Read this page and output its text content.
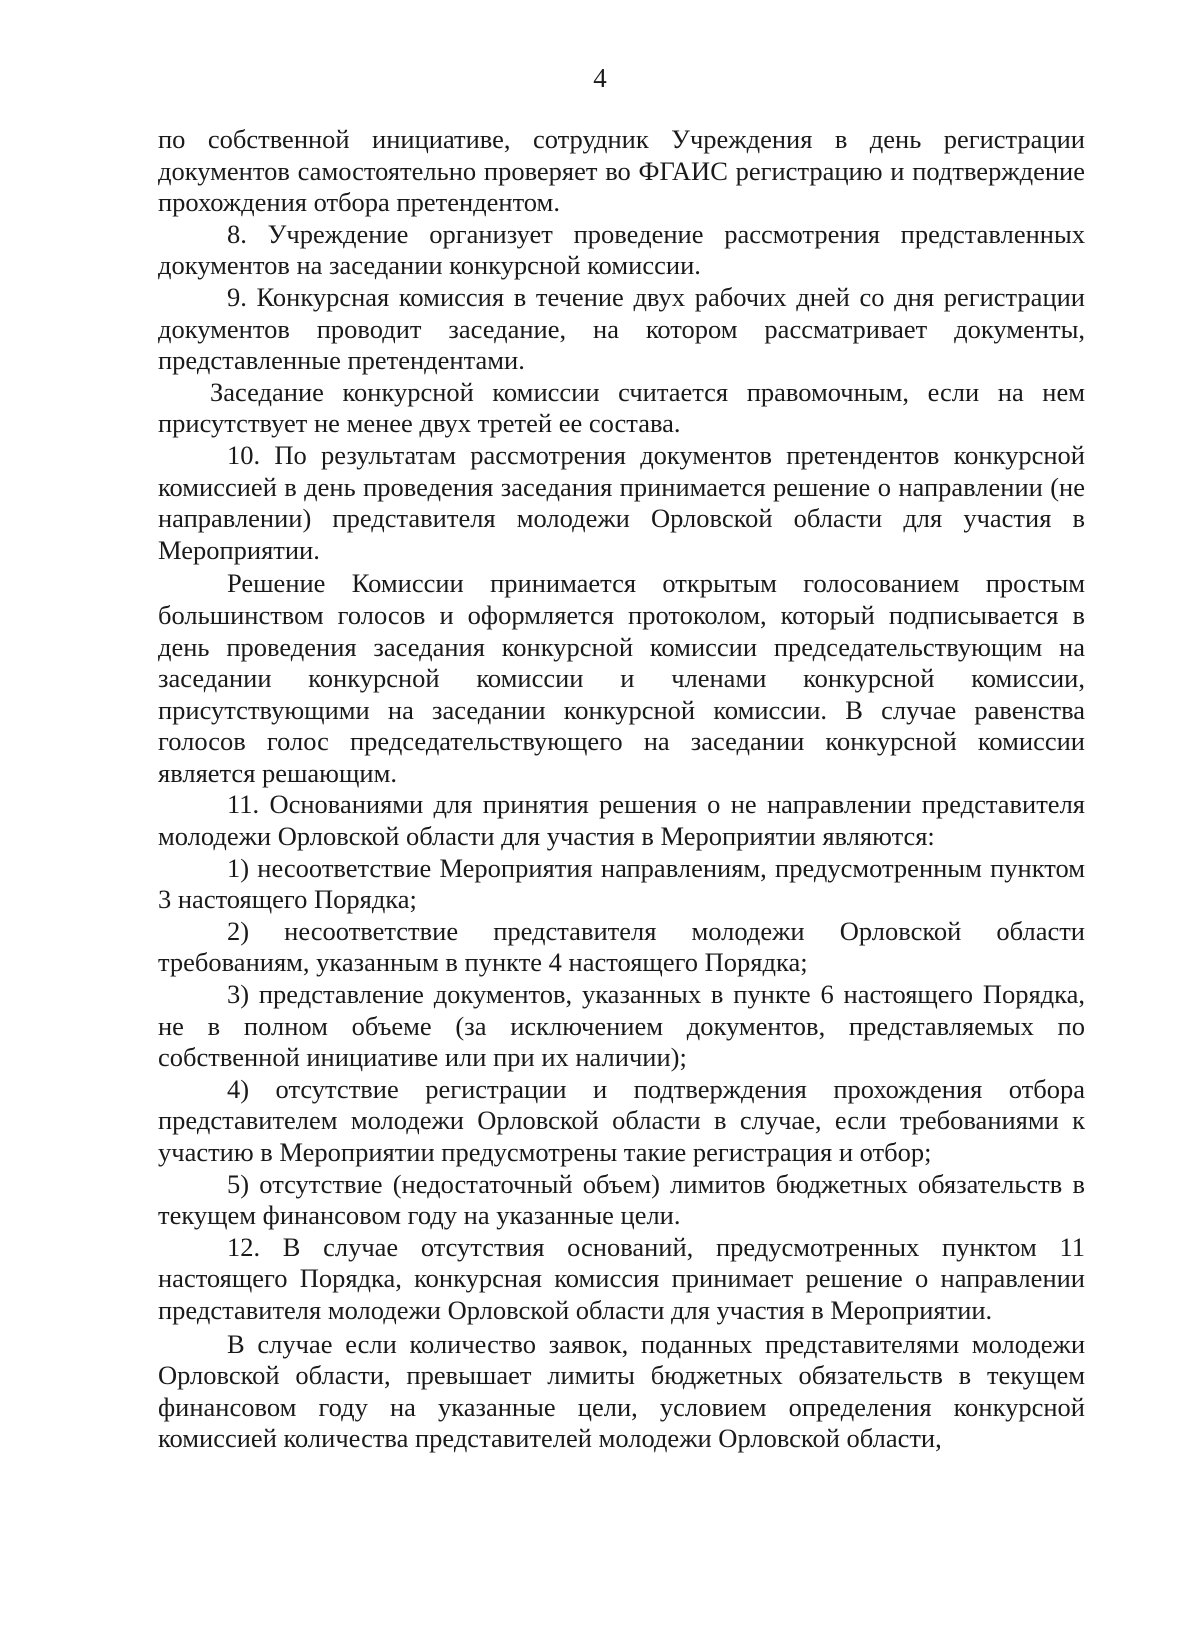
4

по собственной инициативе, сотрудник Учреждения в день регистрации документов самостоятельно проверяет во ФГАИС регистрацию и подтверждение прохождения отбора претендентом.

8. Учреждение организует проведение рассмотрения представленных документов на заседании конкурсной комиссии.

9. Конкурсная комиссия в течение двух рабочих дней со дня регистрации документов проводит заседание, на котором рассматривает документы, представленные претендентами.

Заседание конкурсной комиссии считается правомочным, если на нем присутствует не менее двух третей ее состава.

10. По результатам рассмотрения документов претендентов конкурсной комиссией в день проведения заседания принимается решение о направлении (не направлении) представителя молодежи Орловской области для участия в Мероприятии.

Решение Комиссии принимается открытым голосованием простым большинством голосов и оформляется протоколом, который подписывается в день проведения заседания конкурсной комиссии председательствующим на заседании конкурсной комиссии и членами конкурсной комиссии, присутствующими на заседании конкурсной комиссии. В случае равенства голосов голос председательствующего на заседании конкурсной комиссии является решающим.

11. Основаниями для принятия решения о не направлении представителя молодежи Орловской области для участия в Мероприятии являются:

1) несоответствие Мероприятия направлениям, предусмотренным пунктом 3 настоящего Порядка;

2) несоответствие представителя молодежи Орловской области требованиям, указанным в пункте 4 настоящего Порядка;

3) представление документов, указанных в пункте 6 настоящего Порядка, не в полном объеме (за исключением документов, представляемых по собственной инициативе или при их наличии);

4) отсутствие регистрации и подтверждения прохождения отбора представителем молодежи Орловской области в случае, если требованиями к участию в Мероприятии предусмотрены такие регистрация и отбор;

5) отсутствие (недостаточный объем) лимитов бюджетных обязательств в текущем финансовом году на указанные цели.

12. В случае отсутствия оснований, предусмотренных пунктом 11 настоящего Порядка, конкурсная комиссия принимает решение о направлении представителя молодежи Орловской области для участия в Мероприятии.

В случае если количество заявок, поданных представителями молодежи Орловской области, превышает лимиты бюджетных обязательств в текущем финансовом году на указанные цели, условием определения конкурсной комиссией количества представителей молодежи Орловской области,
